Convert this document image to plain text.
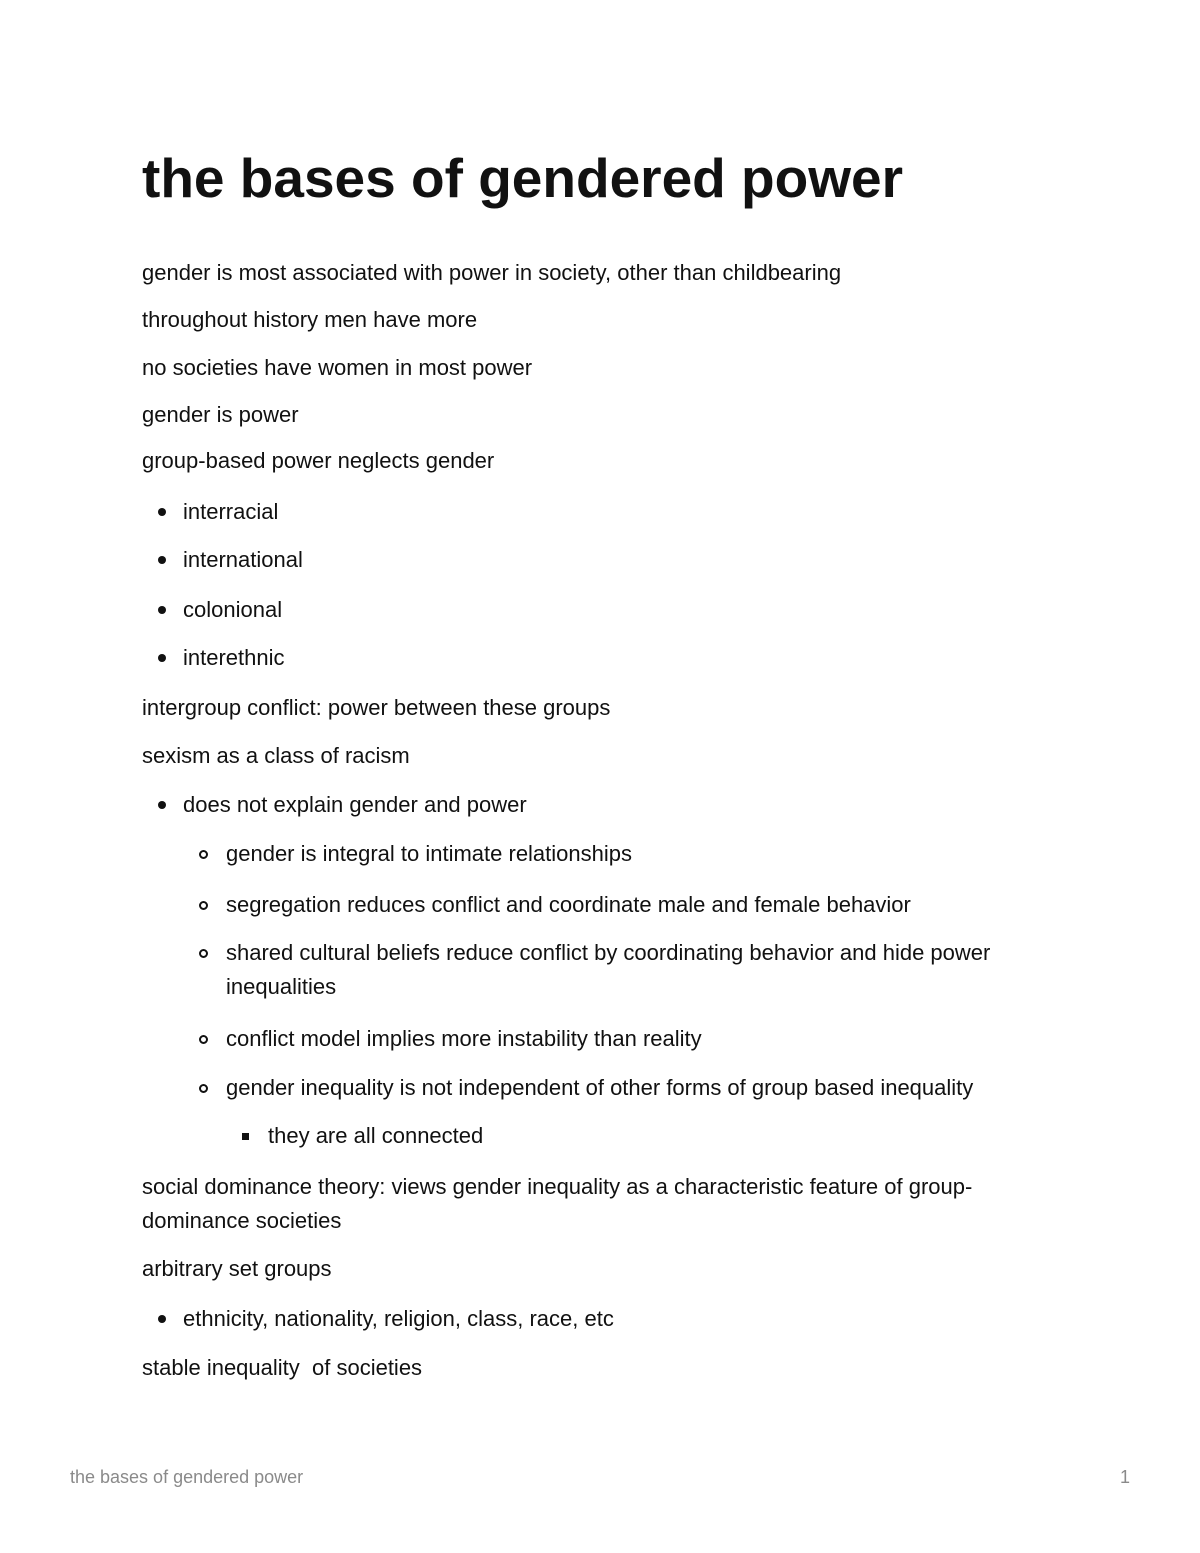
the bases of gendered power

gender is most associated with power in society, other than childbearing

throughout history men have more

no societies have women in most power

gender is power

group-based power neglects gender

interracial
international
colonional
interethnic

intergroup conflict: power between these groups

sexism as a class of racism

does not explain gender and power
gender is integral to intimate relationships
segregation reduces conflict and coordinate male and female behavior
shared cultural beliefs reduce conflict by coordinating behavior and hide power inequalities
conflict model implies more instability than reality
gender inequality is not independent of other forms of group based inequality
they are all connected

social dominance theory: views gender inequality as a characteristic feature of group-dominance societies

arbitrary set groups

ethnicity, nationality, religion, class, race, etc

stable inequality  of societies

the bases of gendered power	1
